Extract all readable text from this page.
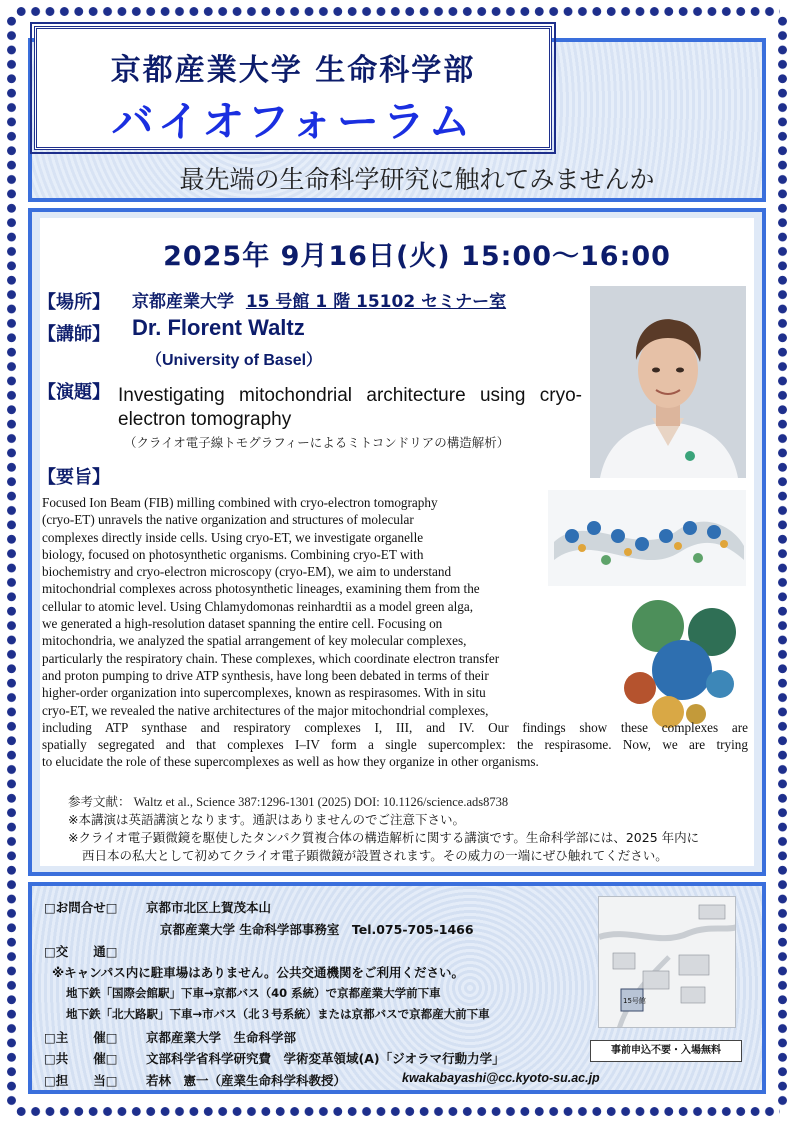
京都産業大学 生命科学部
バイオフォーラム
最先端の生命科学研究に触れてみませんか
2025年 9月16日(火) 15:00〜16:00
【場所】 京都産業大学 15 号館 1 階 15102 セミナー室
【講師】 Dr. Florent Waltz
（University of Basel）
【演題】 Investigating mitochondrial architecture using cryo-electron tomography
（クライオ電子線トモグラフィーによるミトコンドリアの構造解析）
【要旨】
Focused Ion Beam (FIB) milling combined with cryo-electron tomography
(cryo-ET) unravels the native organization and structures of molecular
complexes directly inside cells. Using cryo-ET, we investigate organelle
biology, focused on photosynthetic organisms. Combining cryo-ET with
biochemistry and cryo-electron microscopy (cryo-EM), we aim to understand
mitochondrial complexes across photosynthetic lineages, examining them from the
cellular to atomic level. Using Chlamydomonas reinhardtii as a model green alga,
we generated a high-resolution dataset spanning the entire cell. Focusing on
mitochondria, we analyzed the spatial arrangement of key molecular complexes,
particularly the respiratory chain. These complexes, which coordinate electron transfer
and proton pumping to drive ATP synthesis, have long been debated in terms of their
higher-order organization into supercomplexes, known as respirasomes. With in situ
cryo-ET, we revealed the native architectures of the major mitochondrial complexes,
including ATP synthase and respiratory complexes I, III, and IV. Our findings show these complexes are
spatially segregated and that complexes I–IV form a single supercomplex: the respirasome. Now, we are trying
to elucidate the role of these supercomplexes as well as how they organize in other organisms.
参考文献： Waltz et al., Science 387:1296-1301 (2025) DOI: 10.1126/science.ads8738
※本講演は英語講演となります。通訳はありませんのでご注意下さい。
※クライオ電子顕微鏡を駆使したタンパク質複合体の構造解析に関する講演です。生命科学部には、2025 年内に
西日本の私大として初めてクライオ電子顕微鏡が設置されます。その威力の一端にぜひ触れてください。
□お問合せ□ 京都市北区上賀茂本山
京都産業大学 生命科学部事務室　Tel.075-705-1466
□交　　通□
※キャンパス内に駐車場はありません。公共交通機関をご利用ください。
地下鉄「国際会館駅」下車→京都バス（40 系統）で京都産業大学前下車
地下鉄「北大路駅」下車→市バス（北３号系統）または京都バスで京都産大前下車
□主　　催□ 京都産業大学　生命科学部
□共　　催□ 文部科学省科学研究費　学術変革領域(A)「ジオラマ行動力学」
□担　　当□ 若林　憲一（産業生命科学科教授）	kwakabayashi@cc.kyoto-su.ac.jp
15号館
事前申込不要・入場無料
